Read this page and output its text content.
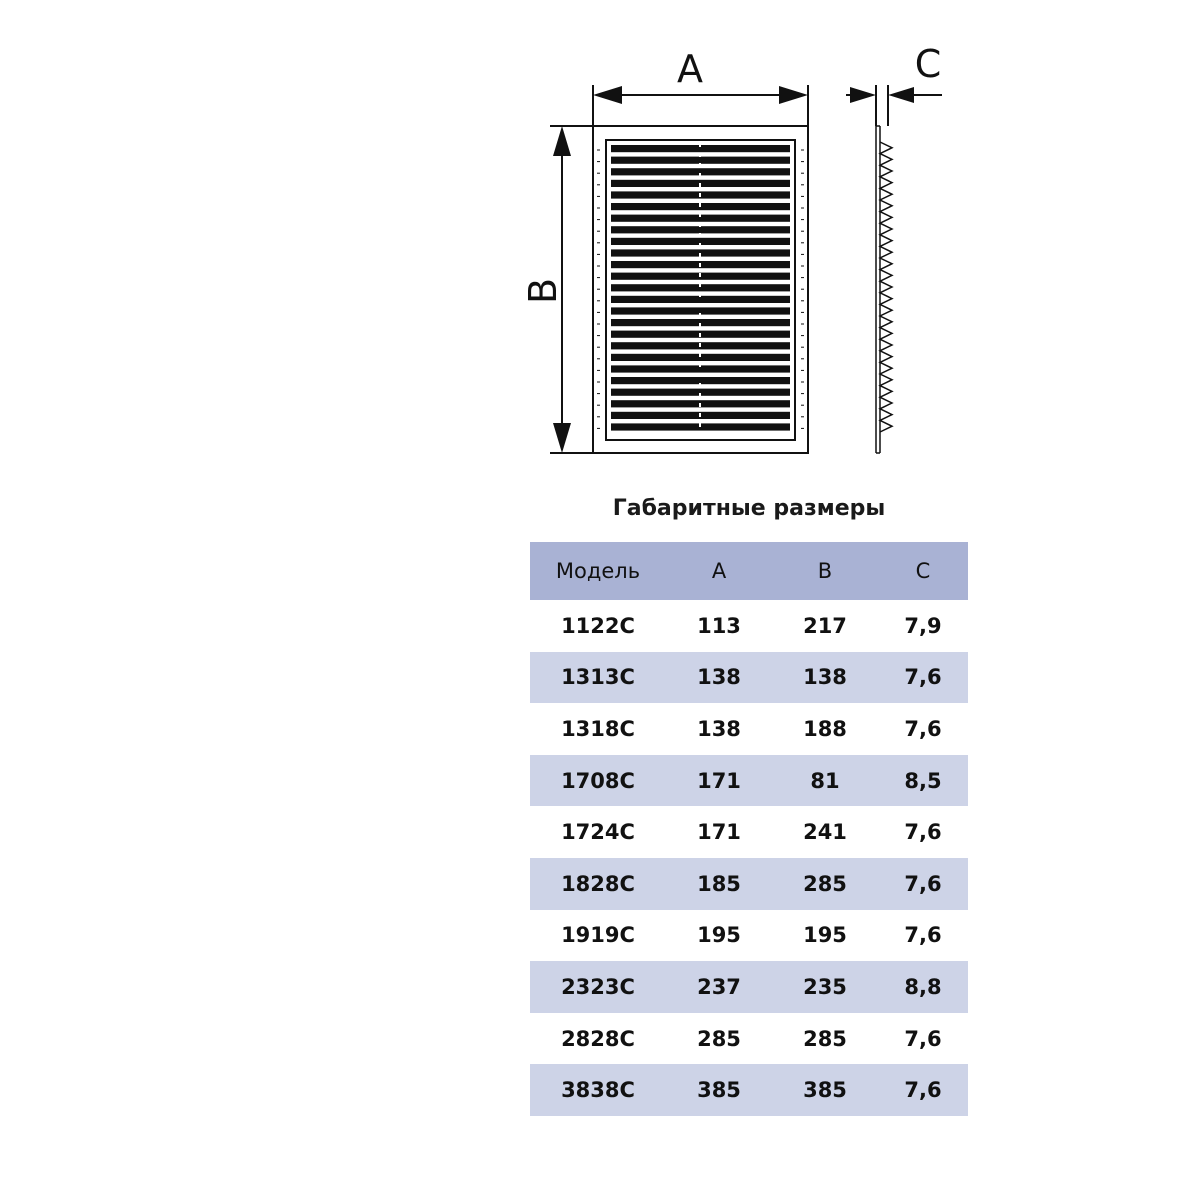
A
B
C
Габаритные размеры
Модель	A	B	C
1122C	113	217	7,9
1313C	138	138	7,6
1318C	138	188	7,6
1708C	171	81	8,5
1724C	171	241	7,6
1828C	185	285	7,6
1919C	195	195	7,6
2323C	237	235	8,8
2828C	285	285	7,6
3838C	385	385	7,6
